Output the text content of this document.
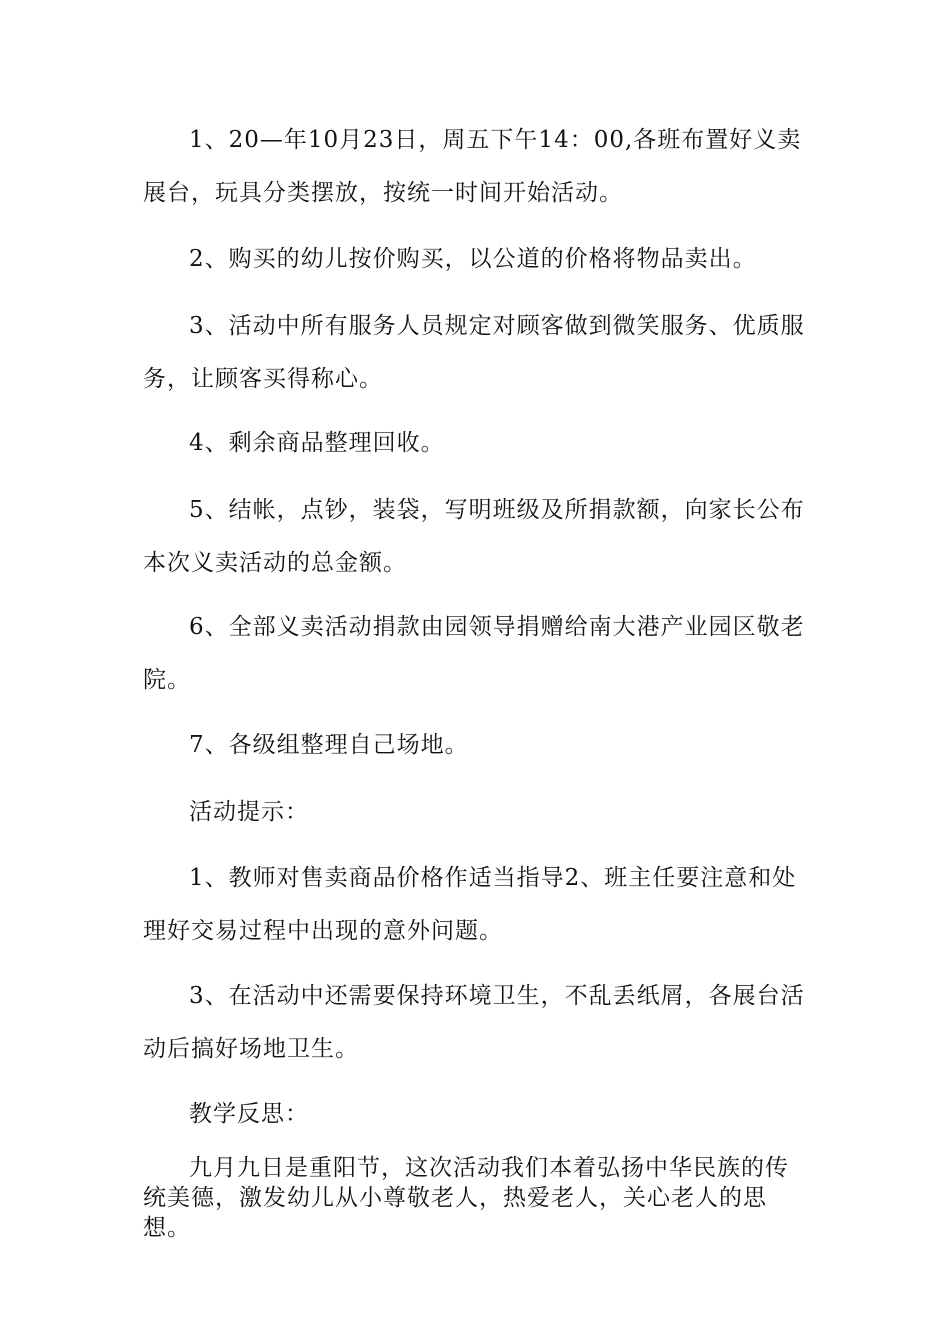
1、20—年10月23日，周五下午14：00,各班布置好义卖展台，玩具分类摆放，按统一时间开始活动。

2、购买的幼儿按价购买，以公道的价格将物品卖出。

3、活动中所有服务人员规定对顾客做到微笑服务、优质服务，让顾客买得称心。

4、剩余商品整理回收。

5、结帐，点钞，装袋，写明班级及所捐款额，向家长公布本次义卖活动的总金额。

6、全部义卖活动捐款由园领导捐赠给南大港产业园区敬老院。

7、各级组整理自己场地。

活动提示：

1、教师对售卖商品价格作适当指导2、班主任要注意和处理好交易过程中出现的意外问题。

3、在活动中还需要保持环境卫生，不乱丢纸屑，各展台活动后搞好场地卫生。

教学反思：

九月九日是重阳节，这次活动我们本着弘扬中华民族的传统美德，激发幼儿从小尊敬老人，热爱老人，关心老人的思想。
